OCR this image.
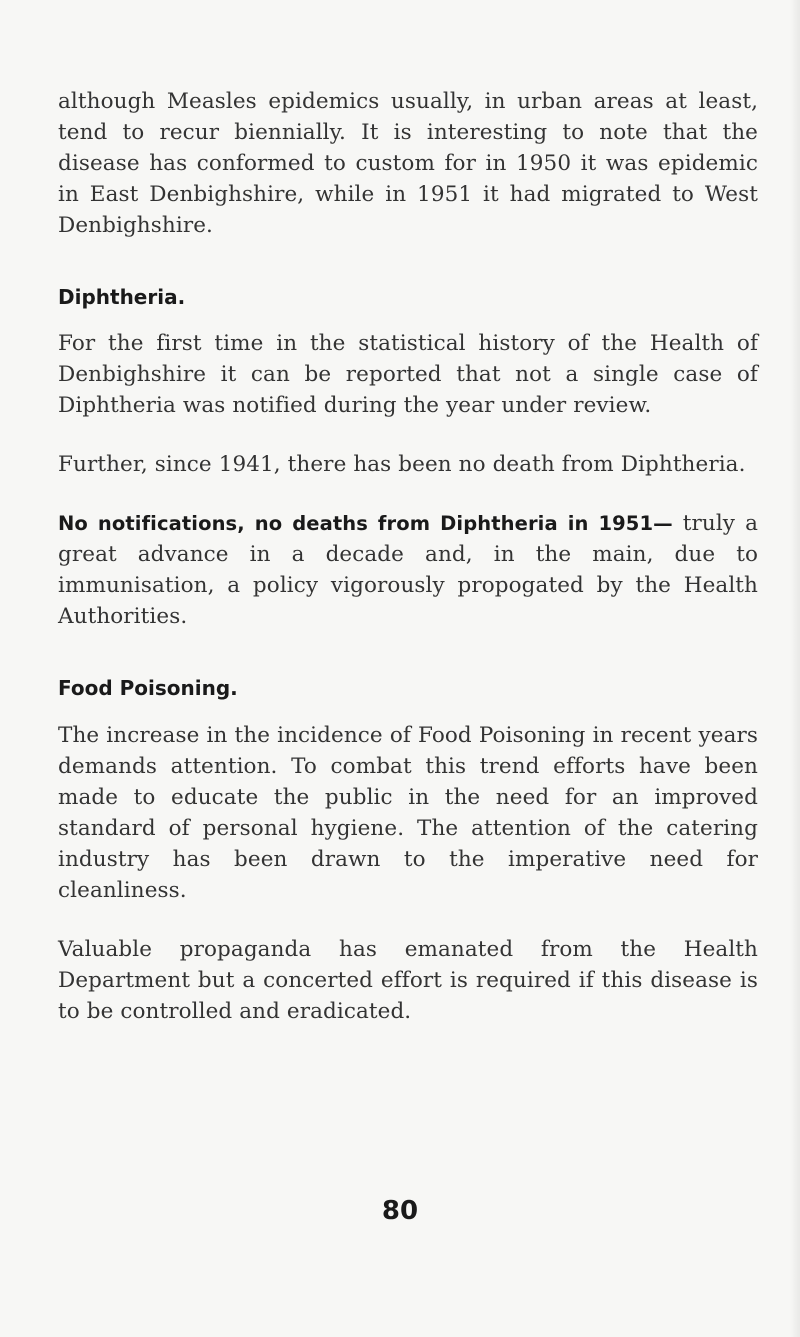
although Measles epidemics usually, in urban areas at least, tend to recur biennially. It is interesting to note that the disease has conformed to custom for in 1950 it was epidemic in East Denbighshire, while in 1951 it had migrated to West Denbighshire.

Diphtheria.

For the first time in the statistical history of the Health of Denbighshire it can be reported that not a single case of Diphtheria was notified during the year under review.

Further, since 1941, there has been no death from Diphtheria.

No notifications, no deaths from Diphtheria in 1951— truly a great advance in a decade and, in the main, due to immunisation, a policy vigorously propogated by the Health Authorities.

Food Poisoning.

The increase in the incidence of Food Poisoning in recent years demands attention. To combat this trend efforts have been made to educate the public in the need for an improved standard of personal hygiene. The attention of the catering industry has been drawn to the imperative need for cleanliness.

Valuable propaganda has emanated from the Health Department but a concerted effort is required if this disease is to be controlled and eradicated.

80
